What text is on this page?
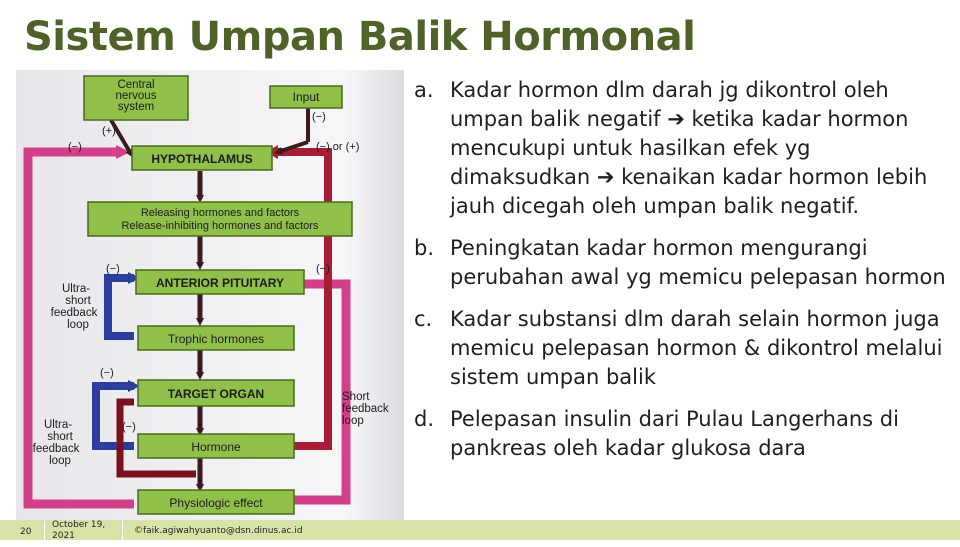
Sistem Umpan Balik Hormonal
Central nervous system
Input
HYPOTHALAMUS
Releasing hormones and factors Release-inhibiting hormones and factors
ANTERIOR PITUITARY
Trophic hormones
TARGET ORGAN
Hormone
Physiologic effect
(+)
(−)
(−)
(−) or (+)
(−)	(−)
(−)
(−)
Ultra-short feedback loop
Ultra-short feedback loop
Short feedback loop
a. Kadar hormon dlm darah jg dikontrol oleh umpan balik negatif ➔ ketika kadar hormon mencukupi untuk hasilkan efek yg dimaksudkan ➔ kenaikan kadar hormon lebih jauh dicegah oleh umpan balik negatif.
b. Peningkatan kadar hormon mengurangi perubahan awal yg memicu pelepasan hormon
c. Kadar substansi dlm darah selain hormon juga memicu pelepasan hormon & dikontrol melalui sistem umpan balik
d. Pelepasan insulin dari Pulau Langerhans di pankreas oleh kadar glukosa dara
20
October 19, 2021	©faik.agiwahyuanto@dsn.dinus.ac.id
